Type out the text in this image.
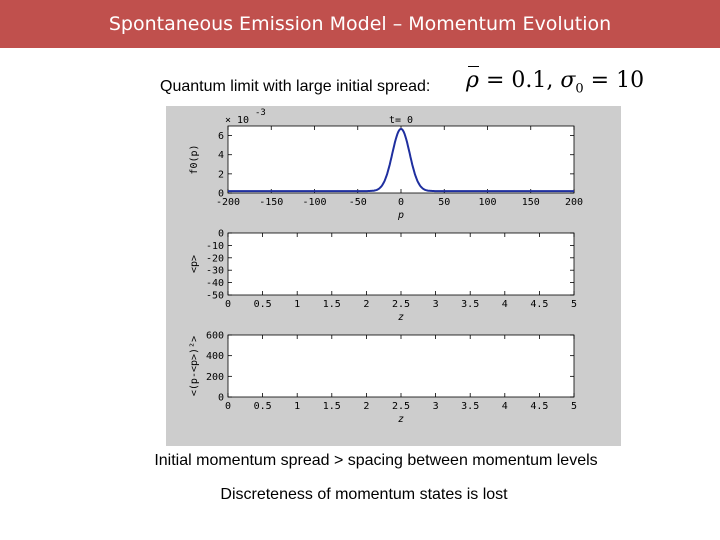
Spontaneous Emission Model – Momentum Evolution
Quantum limit with large initial spread: ρ = 0.1, $\sigma_0 = 10$
-200 -150 -100 -50	0	50	100	150	200
0
2
4
6
p
f0(p)
t= 0
× 10
-3
0 0.5 1 1.5 2 2.5 3 3.5 4 4.5 5
0
-10
-20
-30
-40
-50
z
<p>
0 0.5 1 1.5 2 2.5 3 3.5 4 4.5 5
0
200
400
600
z
<(p-<p>)²>
Initial momentum spread > spacing between momentum levels
Discreteness of momentum states is lost
